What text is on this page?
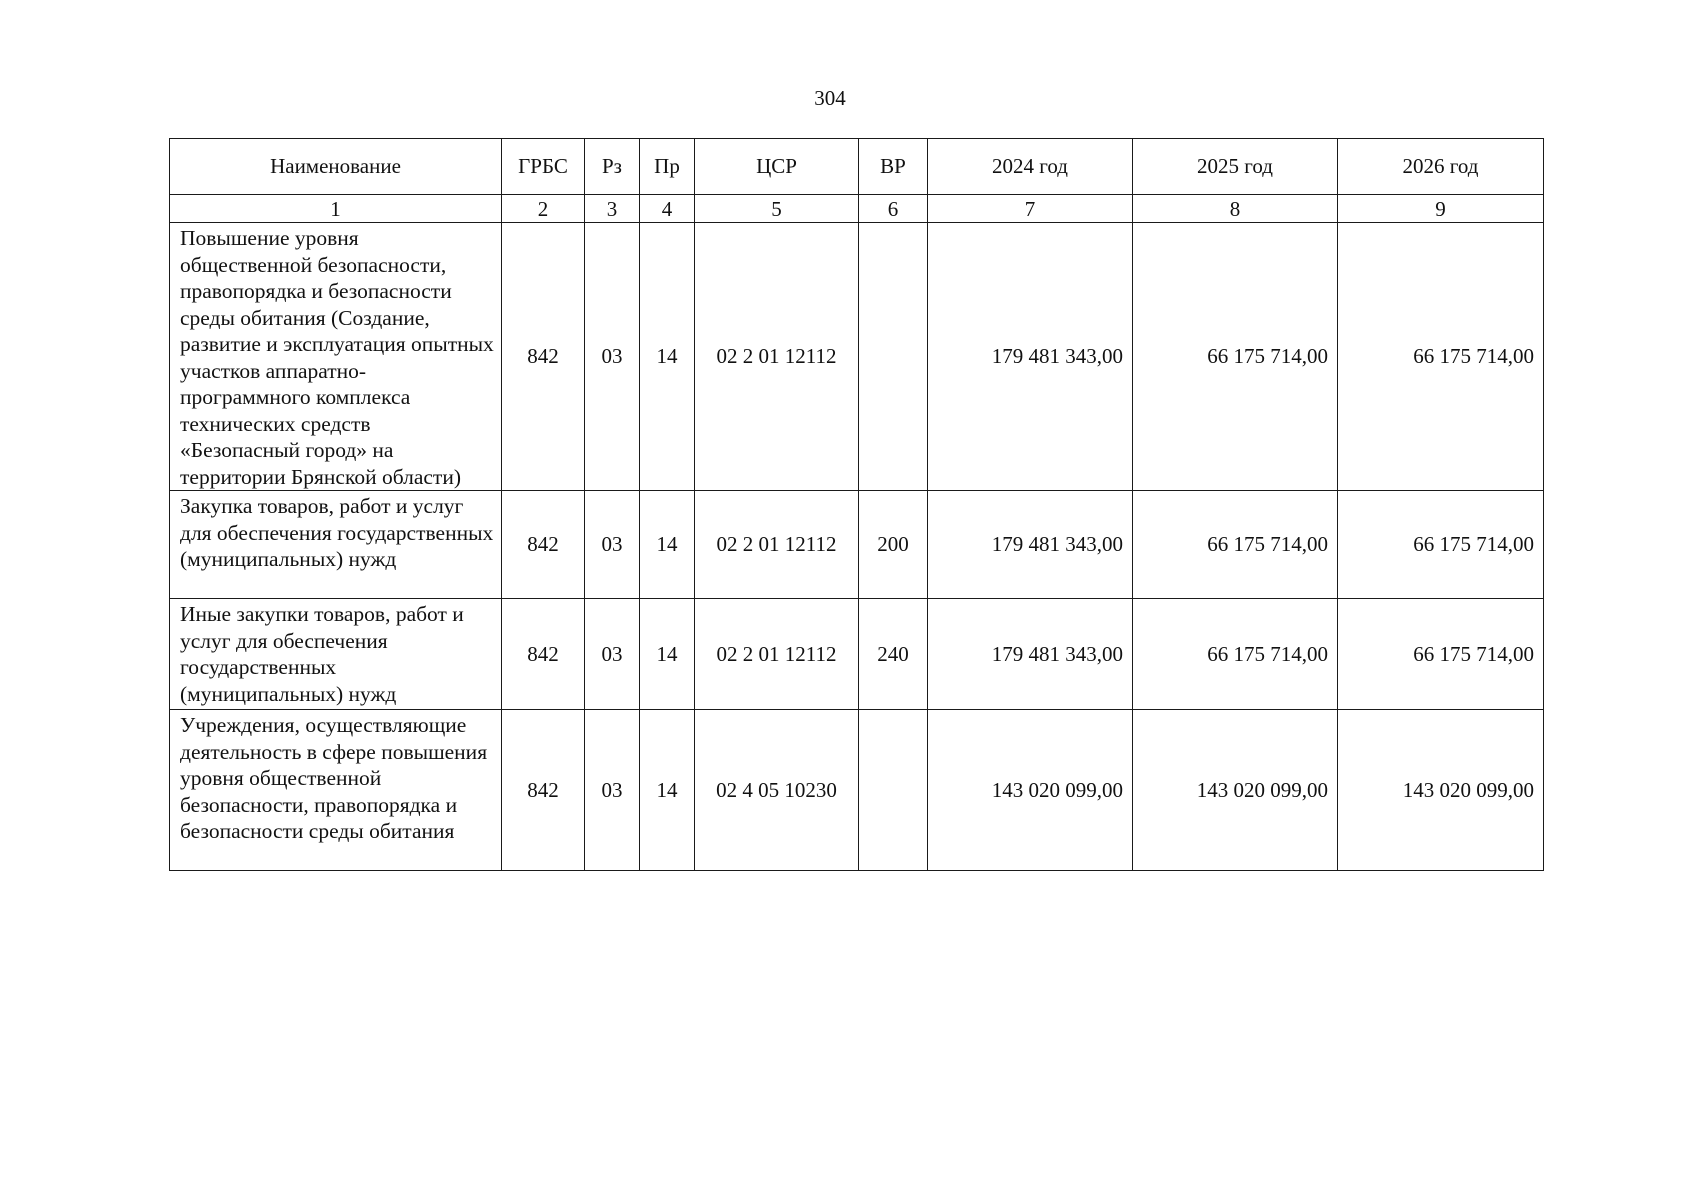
304
Наименование	ГРБС	Рз	Пр	ЦСР	ВР	2024 год	2025 год	2026 год
1	2	3	4	5	6	7	8	9
Повышение уровня общественной безопасности, правопорядка и безопасности среды обитания (Создание, развитие и эксплуатация опытных участков аппаратно-программного комплекса технических средств «Безопасный город» на территории Брянской области)	842	03	14	02 2 01 12112		179 481 343,00	66 175 714,00	66 175 714,00
Закупка товаров, работ и услуг для обеспечения государственных (муниципальных) нужд	842	03	14	02 2 01 12112	200	179 481 343,00	66 175 714,00	66 175 714,00
Иные закупки товаров, работ и услуг для обеспечения государственных (муниципальных) нужд	842	03	14	02 2 01 12112	240	179 481 343,00	66 175 714,00	66 175 714,00
Учреждения, осуществляющие деятельность в сфере повышения уровня общественной безопасности, правопорядка и безопасности среды обитания	842	03	14	02 4 05 10230		143 020 099,00	143 020 099,00	143 020 099,00
